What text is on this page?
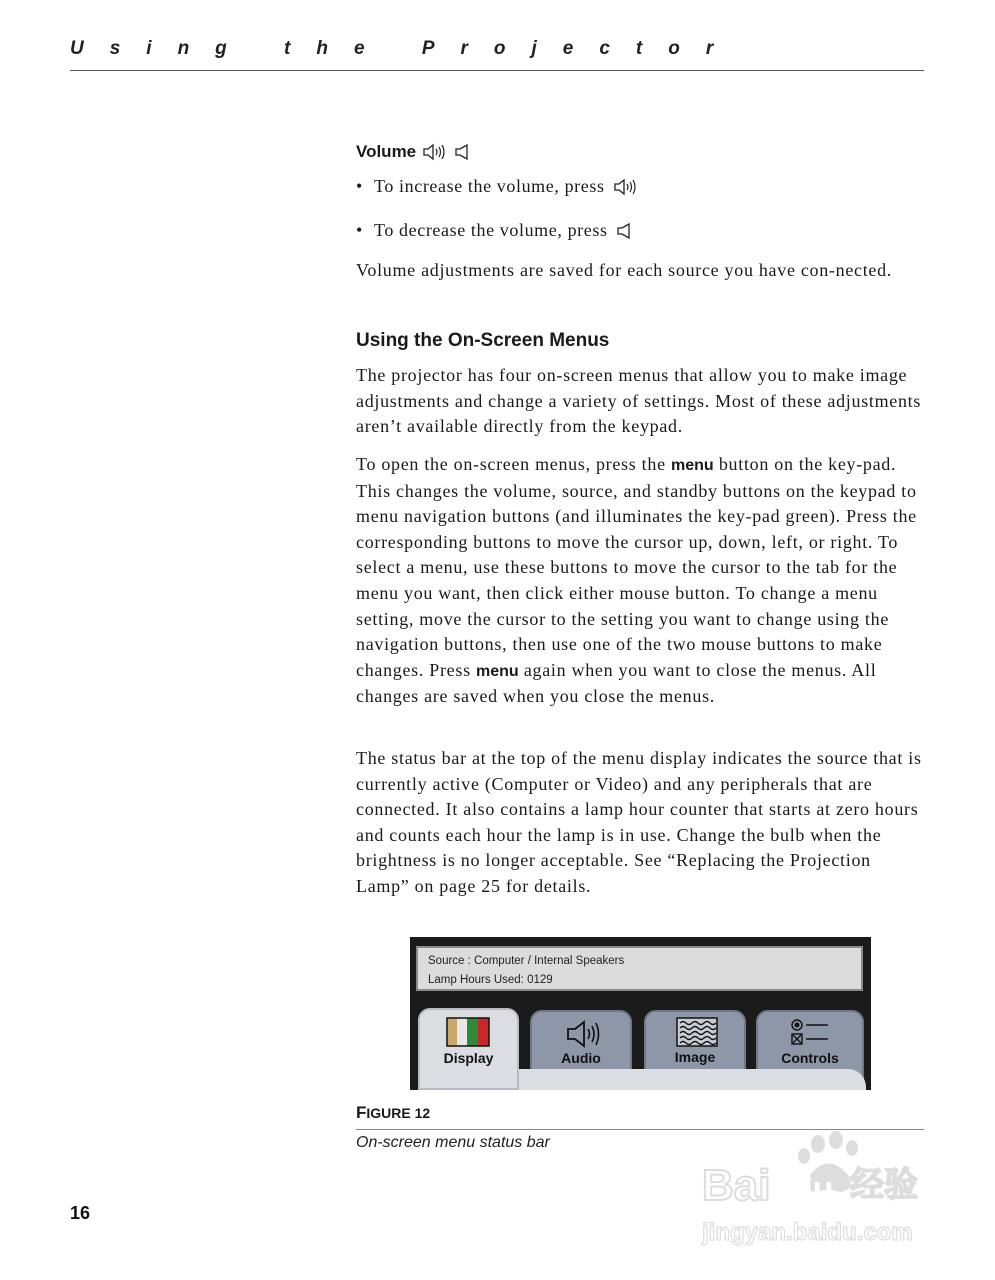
Using the Projector
Volume
• To increase the volume, press
• To decrease the volume, press

Volume adjustments are saved for each source you have con-nected.

Using the On-Screen Menus

The projector has four on-screen menus that allow you to make image adjustments and change a variety of settings. Most of these adjustments aren’t available directly from the keypad.

To open the on-screen menus, press the menu button on the key-pad. This changes the volume, source, and standby buttons on the keypad to menu navigation buttons (and illuminates the key-pad green). Press the corresponding buttons to move the cursor up, down, left, or right. To select a menu, use these buttons to move the cursor to the tab for the menu you want, then click either mouse button. To change a menu setting, move the cursor to the setting you want to change using the navigation buttons, then use one of the two mouse buttons to make changes. Press menu again when you want to close the menus. All changes are saved when you close the menus.

The status bar at the top of the menu display indicates the source that is currently active (Computer or Video) and any peripherals that are connected. It also contains a lamp hour counter that starts at zero hours and counts each hour the lamp is in use. Change the bulb when the brightness is no longer acceptable. See “Replacing the Projection Lamp” on page 25 for details.

Source : Computer / Internal Speakers
Lamp Hours Used: 0129
Audio	Image	Controls
Display
FIGURE 12
On-screen menu status bar
16
Bai du 经验
jingyan.baidu.com
